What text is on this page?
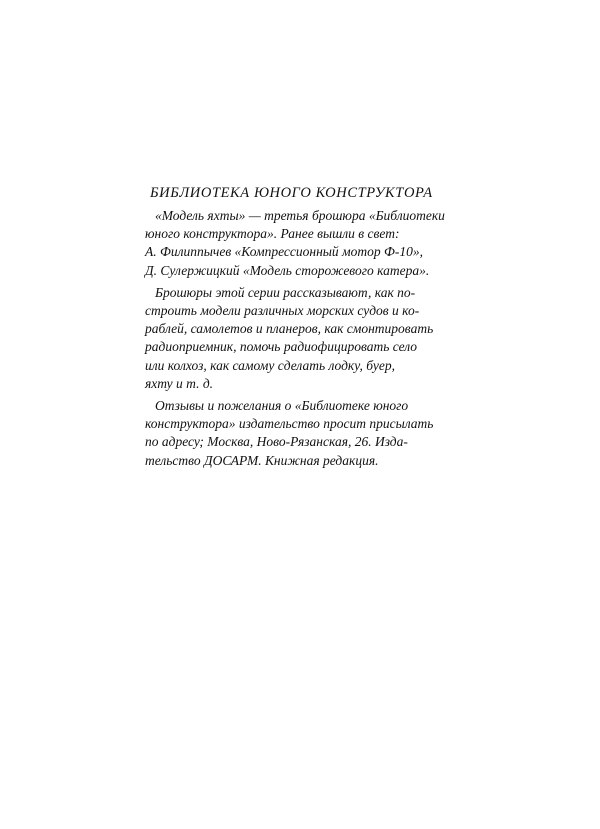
БИБЛИОТЕКА ЮНОГО КОНСТРУКТОРА

«Модель яхты» — третья брошюра «Библиотеки
юного конструктора». Ранее вышли в свет:
А. Филиппычев «Компрессионный мотор Ф-10»,
Д. Сулержицкий «Модель сторожевого катера».

Брошюры этой серии рассказывают, как по-
строить модели различных морских судов и ко-
раблей, самолетов и планеров, как смонтировать
радиоприемник, помочь радиофицировать село
или колхоз, как самому сделать лодку, буер,
яхту и т. д.

Отзывы и пожелания о «Библиотеке юного
конструктора» издательство просит присылать
по адресу; Москва, Ново-Рязанская, 26. Изда-
тельство ДОСАРМ. Книжная редакция.
